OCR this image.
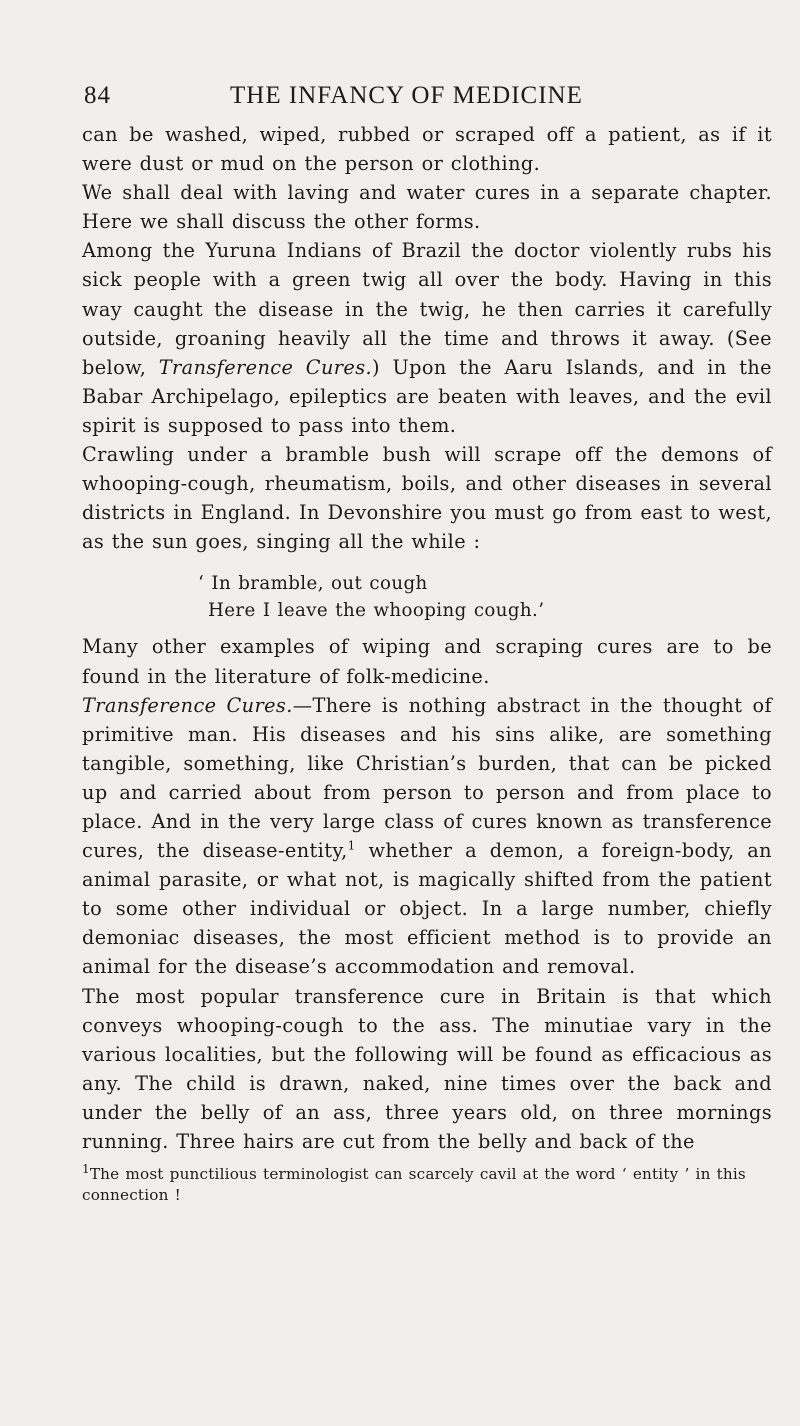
84	THE INFANCY OF MEDICINE

can be washed, wiped, rubbed or scraped off a patient, as if it were dust or mud on the person or clothing.

We shall deal with laving and water cures in a separate chapter. Here we shall discuss the other forms.

Among the Yuruna Indians of Brazil the doctor violently rubs his sick people with a green twig all over the body. Having in this way caught the disease in the twig, he then carries it carefully outside, groaning heavily all the time and throws it away. (See below, Transference Cures.) Upon the Aaru Islands, and in the Babar Archipelago, epileptics are beaten with leaves, and the evil spirit is supposed to pass into them.

Crawling under a bramble bush will scrape off the demons of whooping-cough, rheumatism, boils, and other diseases in several districts in England. In Devonshire you must go from east to west, as the sun goes, singing all the while :

‘ In bramble, out cough
Here I leave the whooping cough.’

Many other examples of wiping and scraping cures are to be found in the literature of folk-medicine.

Transference Cures.—There is nothing abstract in the thought of primitive man. His diseases and his sins alike, are something tangible, something, like Christian’s burden, that can be picked up and carried about from person to person and from place to place. And in the very large class of cures known as transference cures, the disease-entity,$^1$ whether a demon, a foreign-body, an animal parasite, or what not, is magically shifted from the patient to some other individual or object. In a large number, chiefly demoniac diseases, the most efficient method is to provide an animal for the disease’s accommodation and removal.

The most popular transference cure in Britain is that which conveys whooping-cough to the ass. The minutiae vary in the various localities, but the following will be found as efficacious as any. The child is drawn, naked, nine times over the back and under the belly of an ass, three years old, on three mornings running. Three hairs are cut from the belly and back of the

$^1$The most punctilious terminologist can scarcely cavil at the word ‘ entity ’ in this connection !
